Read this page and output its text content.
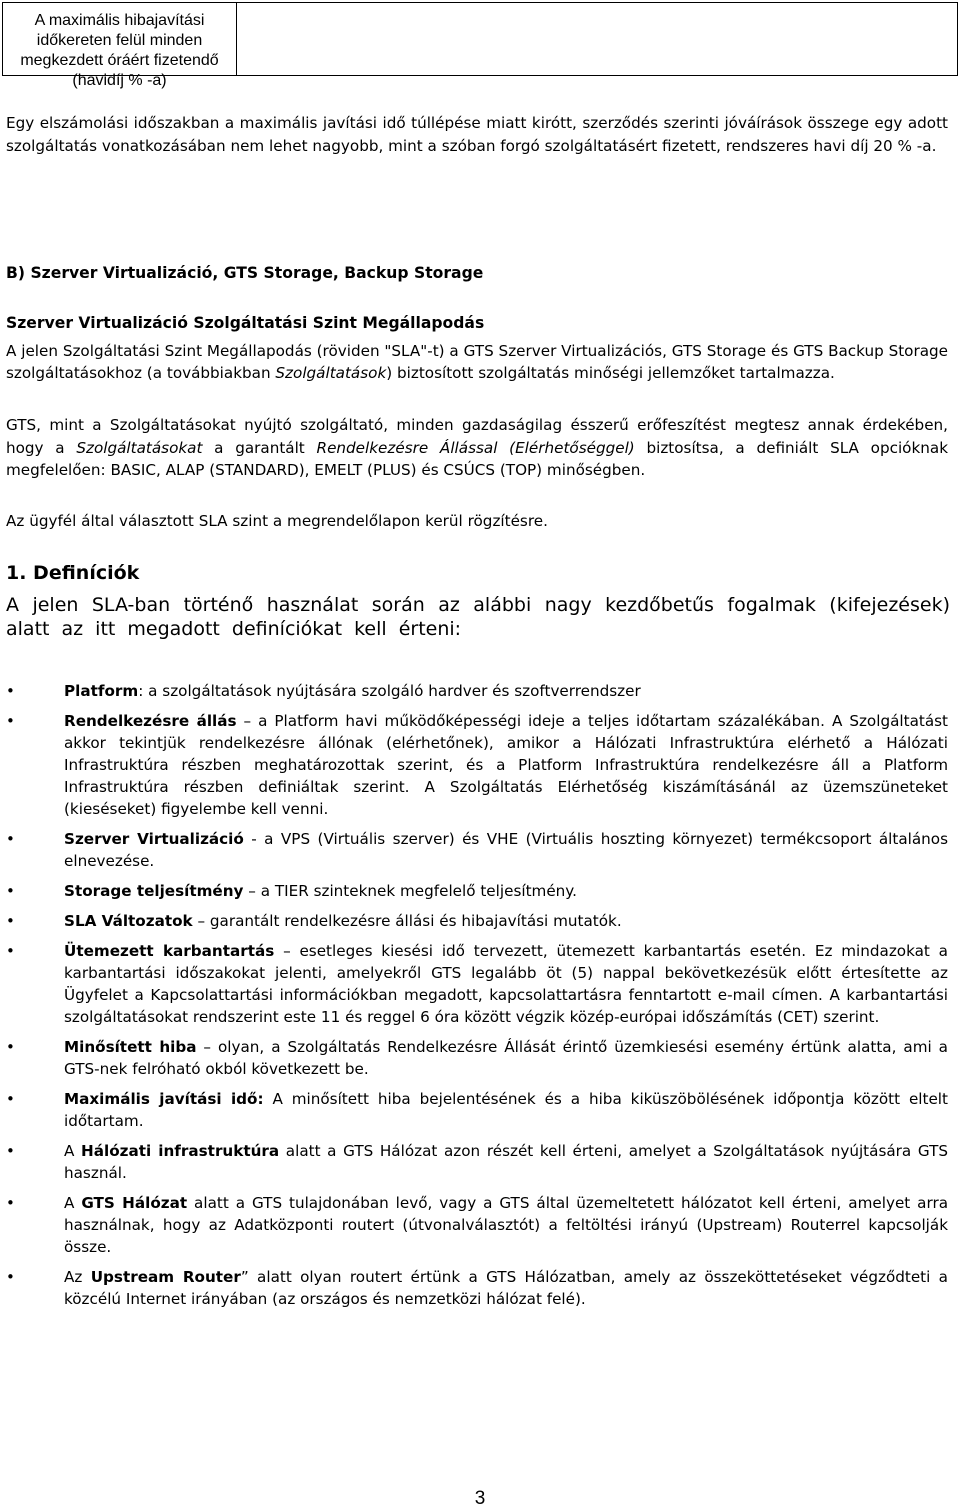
A maximális hibajavítási időkereten felül minden megkezdett óráért fizetendő (havidíj % -a)

Egy elszámolási időszakban a maximális javítási idő túllépése miatt kirótt, szerződés szerinti jóváírások összege egy adott szolgáltatás vonatkozásában nem lehet nagyobb, mint a szóban forgó szolgáltatásért fizetett, rendszeres havi díj 20 % -a.

B) Szerver Virtualizáció, GTS Storage, Backup Storage

Szerver Virtualizáció Szolgáltatási Szint Megállapodás

A jelen Szolgáltatási Szint Megállapodás (röviden "SLA"-t) a GTS Szerver Virtualizációs, GTS Storage és GTS Backup Storage szolgáltatásokhoz (a továbbiakban Szolgáltatások) biztosított szolgáltatás minőségi jellemzőket tartalmazza.

GTS, mint a Szolgáltatásokat nyújtó szolgáltató, minden gazdaságilag ésszerű erőfeszítést megtesz annak érdekében, hogy a Szolgáltatásokat a garantált Rendelkezésre Állással (Elérhetőséggel) biztosítsa, a definiált SLA opcióknak megfelelően: BASIC, ALAP (STANDARD), EMELT (PLUS) és CSÚCS (TOP) minőségben.

Az ügyfél által választott SLA szint a megrendelőlapon kerül rögzítésre.

1. Definíciók

A jelen SLA-ban történő használat során az alábbi nagy kezdőbetűs fogalmak (kifejezések) alatt az itt megadott definíciókat kell érteni:

•	Platform: a szolgáltatások nyújtására szolgáló hardver és szoftverrendszer
•	Rendelkezésre állás – a Platform havi működőképességi ideje a teljes időtartam százalékában. A Szolgáltatást akkor tekintjük rendelkezésre állónak (elérhetőnek), amikor a Hálózati Infrastruktúra elérhető a Hálózati Infrastruktúra részben meghatározottak szerint, és a Platform Infrastruktúra rendelkezésre áll a Platform Infrastruktúra részben definiáltak szerint. A Szolgáltatás Elérhetőség kiszámításánál az üzemszüneteket (kieséseket) figyelembe kell venni.
•	Szerver Virtualizáció - a VPS (Virtuális szerver) és VHE (Virtuális hoszting környezet) termékcsoport általános elnevezése.
•	Storage teljesítmény – a TIER szinteknek megfelelő teljesítmény.
•	SLA Változatok – garantált rendelkezésre állási és hibajavítási mutatók.
•	Ütemezett karbantartás – esetleges kiesési idő tervezett, ütemezett karbantartás esetén. Ez mindazokat a karbantartási időszakokat jelenti, amelyekről GTS legalább öt (5) nappal bekövetkezésük előtt értesítette az Ügyfelet a Kapcsolattartási információkban megadott, kapcsolattartásra fenntartott e-mail címen. A karbantartási szolgáltatásokat rendszerint este 11 és reggel 6 óra között végzik közép-európai időszámítás (CET) szerint.
•	Minősített hiba – olyan, a Szolgáltatás Rendelkezésre Állását érintő üzemkiesési esemény értünk alatta, ami a GTS-nek felróható okból következett be.
•	Maximális javítási idő: A minősített hiba bejelentésének és a hiba kiküszöbölésének időpontja között eltelt időtartam.
•	A Hálózati infrastruktúra alatt a GTS Hálózat azon részét kell érteni, amelyet a Szolgáltatások nyújtására GTS használ.
•	A GTS Hálózat alatt a GTS tulajdonában levő, vagy a GTS által üzemeltetett hálózatot kell érteni, amelyet arra használnak, hogy az Adatközponti routert (útvonalválasztót) a feltöltési irányú (Upstream) Routerrel kapcsolják össze.
•	Az Upstream Router” alatt olyan routert értünk a GTS Hálózatban, amely az összeköttetéseket végződteti a közcélú Internet irányában (az országos és nemzetközi hálózat felé).
3
